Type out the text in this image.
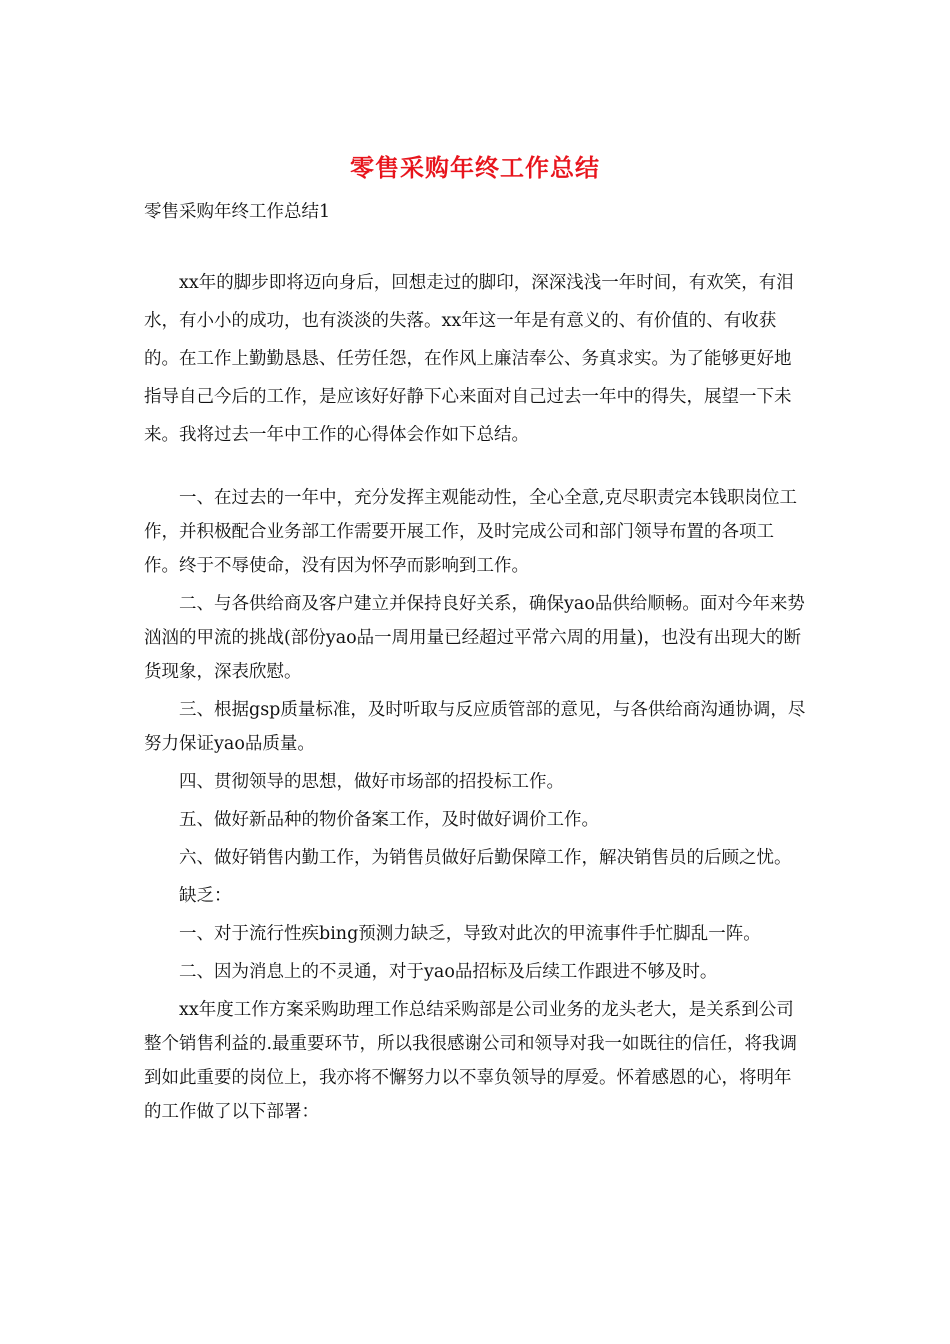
零售采购年终工作总结
零售采购年终工作总结1

xx年的脚步即将迈向身后，回想走过的脚印，深深浅浅一年时间，有欢笑，有泪水，有小小的成功，也有淡淡的失落。xx年这一年是有意义的、有价值的、有收获的。在工作上勤勤恳恳、任劳任怨，在作风上廉洁奉公、务真求实。为了能够更好地指导自己今后的工作，是应该好好静下心来面对自己过去一年中的得失，展望一下未来。我将过去一年中工作的心得体会作如下总结。

一、在过去的一年中，充分发挥主观能动性，全心全意,克尽职责完本钱职岗位工作，并积极配合业务部工作需要开展工作，及时完成公司和部门领导布置的各项工作。终于不辱使命，没有因为怀孕而影响到工作。

二、与各供给商及客户建立并保持良好关系，确保yao品供给顺畅。面对今年来势汹汹的甲流的挑战(部份yao品一周用量已经超过平常六周的用量)，也没有出现大的断货现象，深表欣慰。

三、根据gsp质量标准，及时听取与反应质管部的意见，与各供给商沟通协调，尽努力保证yao品质量。

四、贯彻领导的思想，做好市场部的招投标工作。

五、做好新品种的物价备案工作，及时做好调价工作。

六、做好销售内勤工作，为销售员做好后勤保障工作，解决销售员的后顾之忧。

缺乏：

一、对于流行性疾bing预测力缺乏，导致对此次的甲流事件手忙脚乱一阵。

二、因为消息上的不灵通，对于yao品招标及后续工作跟进不够及时。

xx年度工作方案采购助理工作总结采购部是公司业务的龙头老大，是关系到公司整个销售利益的.最重要环节，所以我很感谢公司和领导对我一如既往的信任，将我调到如此重要的岗位上，我亦将不懈努力以不辜负领导的厚爱。怀着感恩的心，将明年的工作做了以下部署：
